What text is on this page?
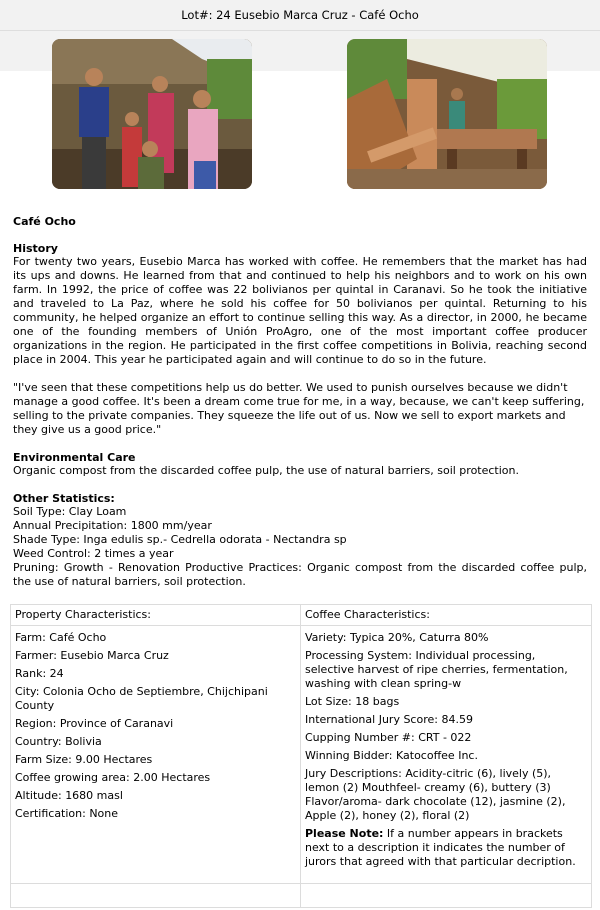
Lot#: 24 Eusebio Marca Cruz - Café Ocho
Café Ocho
History

For twenty two years, Eusebio Marca has worked with coffee. He remembers that the market has had its ups and downs. He learned from that and continued to help his neighbors and to work on his own farm. In 1992, the price of coffee was 22 bolivianos per quintal in Caranavi. So he took the initiative and traveled to La Paz, where he sold his coffee for 50 bolivianos per quintal. Returning to his community, he helped organize an effort to continue selling this way. As a director, in 2000, he became one of the founding members of Unión ProAgro, one of the most important coffee producer organizations in the region. He participated in the first coffee competitions in Bolivia, reaching second place in 2004. This year he participated again and will continue to do so in the future.

"I've seen that these competitions help us do better. We used to punish ourselves because we didn't manage a good coffee. It's been a dream come true for me, in a way, because, we can't keep suffering, selling to the private companies. They squeeze the life out of us. Now we sell to export markets and they give us a good price."
Environmental Care

Organic compost from the discarded coffee pulp, the use of natural barriers, soil protection.

Other Statistics:
Soil Type: Clay Loam
Annual Precipitation: 1800 mm/year
Shade Type: Inga edulis sp.- Cedrella odorata - Nectandra sp
Weed Control: 2 times a year
Pruning: Growth - Renovation Productive Practices: Organic compost from the discarded coffee pulp, the use of natural barriers, soil protection.
Property Characteristics:
Farm: Café Ocho
Farmer: Eusebio Marca Cruz
Rank: 24
City: Colonia Ocho de Septiembre, Chijchipani County
Region: Province of Caranavi
Country: Bolivia
Farm Size: 9.00 Hectares
Coffee growing area: 2.00 Hectares
Altitude: 1680 masl
Certification: None
Coffee Characteristics:
Variety: Typica 20%, Caturra 80%
Processing System: Individual processing, selective harvest of ripe cherries, fermentation, washing with clean spring-w
Lot Size: 18 bags
International Jury Score: 84.59
Cupping Number #: CRT - 022
Winning Bidder: Katocoffee Inc.
Jury Descriptions: Acidity-citric (6), lively (5), lemon (2) Mouthfeel- creamy (6), buttery (3) Flavor/aroma- dark chocolate (12), jasmine (2), Apple (2), honey (2), floral (2)
Please Note: If a number appears in brackets next to a description it indicates the number of jurors that agreed with that particular decription.
